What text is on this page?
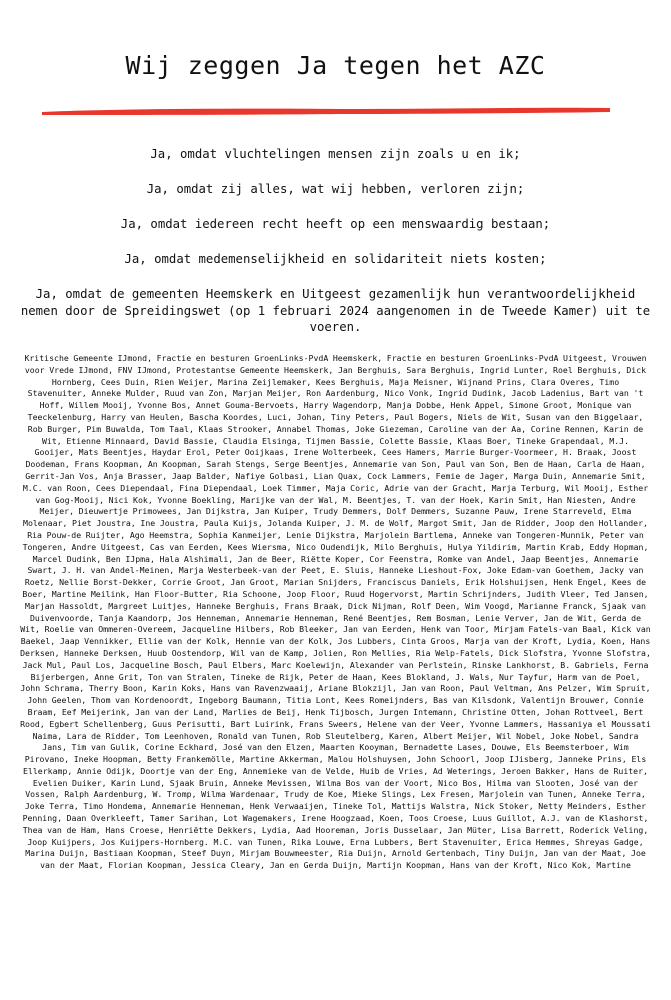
Wij zeggen Ja tegen het AZC
Ja, omdat vluchtelingen mensen zijn zoals u en ik;
Ja, omdat zij alles, wat wij hebben, verloren zijn;
Ja, omdat iedereen recht heeft op een menswaardig bestaan;
Ja, omdat medemenselijkheid en solidariteit niets kosten;
Ja, omdat de gemeenten Heemskerk en Uitgeest gezamenlijk hun verantwoordelijkheid nemen door de Spreidingswet (op 1 februari 2024 aangenomen in de Tweede Kamer) uit te voeren.

Kritische Gemeente IJmond, Fractie en besturen GroenLinks-PvdA Heemskerk, Fractie en besturen GroenLinks-PvdA Uitgeest, Vrouwen voor Vrede IJmond, FNV IJmond, Protestantse Gemeente Heemskerk, Jan Berghuis, Sara Berghuis, Ingrid Lunter, Roel Berghuis, Dick Hornberg, Cees Duin, Rien Weijer, Marina Zeijlemaker, Kees Berghuis, Maja Meisner, Wijnand Prins, Clara Overes, Timo Stavenuiter, Anneke Mulder, Ruud van Zon, Marjan Meijer, Ron Aardenburg, Nico Vonk, Ingrid Dudink, Jacob Ladenius, Bart van 't Hoff, Willem Mooij, Yvonne Bos, Annet Gouma-Bervoets, Harry Wagendorp, Manja Dobbe, Henk Appel, Simone Groot, Monique van Teeckelenburg, Harry van Heulen, Bascha Koordes, Luci, Johan, Tiny Peters, Paul Bogers, Niels de Wit, Susan van den Biggelaar, Rob Burger, Pim Buwalda, Tom Taal, Klaas Strooker, Annabel Thomas, Joke Giezeman, Caroline van der Aa, Corine Rennen, Karin de Wit, Etienne Minnaard, David Bassie, Claudia Elsinga, Tijmen Bassie, Colette Bassie, Klaas Boer, Tineke Grapendaal, M.J. Gooijer, Mats Beentjes, Haydar Erol, Peter Ooijkaas, Irene Wolterbeek, Cees Hamers, Marrie Burger-Voormeer, H. Braak, Joost Doodeman, Frans Koopman, An Koopman, Sarah Stengs, Serge Beentjes, Annemarie van Son, Paul van Son, Ben de Haan, Carla de Haan, Gerrit-Jan Vos, Anja Brasser, Jaap Balder, Nafiye Golbasi, Lian Quax, Cock Lammers, Femie de Jager, Marga Duin, Annemarie Smit, M.C. van Roon, Cees Diependaal, Fina Diependaal, Loek Timmer, Maja Coric, Adrie van der Gracht, Marja Terburg, Wil Mooij, Esther van Gog-Mooij, Nici Kok, Yvonne Boekling, Marijke van der Wal, M. Beentjes, T. van der Hoek, Karin Smit, Han Niesten, Andre Meijer, Dieuwertje Primowees, Jan Dijkstra, Jan Kuiper, Trudy Demmers, Dolf Demmers, Suzanne Pauw, Irene Starreveld, Elma Molenaar, Piet Joustra, Ine Joustra, Paula Kuijs, Jolanda Kuiper, J. M. de Wolf, Margot Smit, Jan de Ridder, Joop den Hollander, Ria Pouw-de Ruijter, Ago Heemstra, Sophia Kanmeijer, Lenie Dijkstra, Marjolein Bartlema, Anneke van Tongeren-Munnik, Peter van Tongeren, Andre Uitgeest, Cas van Eerden, Kees Wiersma, Nico Oudendijk, Milo Berghuis, Hulya Yildirim, Martin Krab, Eddy Hopman, Marcel Dudink, Ben IJpma, Hala Alshimali, Jan de Beer, Riëtte Koper, Cor Feenstra, Romke van Andel, Jaap Beentjes, Annemarie Swart, J. H. van Andel-Meinen, Marja Westerbeek-van der Peet, E. Sluis, Hanneke Lieshout-Fox, Joke Edam-van Goethem, Jacky van Roetz, Nellie Borst-Dekker, Corrie Groot, Jan Groot, Marian Snijders, Franciscus Daniels, Erik Holshuijsen, Henk Engel, Kees de Boer, Martine Meilink, Han Floor-Butter, Ria Schoone, Joop Floor, Ruud Hogervorst, Martin Schrijnders, Judith Vleer, Ted Jansen, Marjan Hassoldt, Margreet Luitjes, Hanneke Berghuis, Frans Braak, Dick Nijman, Rolf Deen, Wim Voogd, Marianne Franck, Sjaak van Duivenvoorde, Tanja Kaandorp, Jos Henneman, Annemarie Henneman, René Beentjes, Rem Bosman, Lenie Verver, Jan de Wit, Gerda de Wit, Roelie van Ommeren-Overeem, Jacqueline Hilbers, Rob Bleeker, Jan van Eerden, Henk van Toor, Mirjam Fatels-van Baal, Kick van Baekel, Jaap Vennikker, Ellie van der Kolk, Hennie van der Kolk, Jos Lubbers, Cinta Groos, Marja van der Kroft, Lydia, Koen, Hans Derksen, Hanneke Derksen, Huub Oostendorp, Wil van de Kamp, Jolien, Ron Mellies, Ria Welp-Fatels, Dick Slofstra, Yvonne Slofstra, Jack Mul, Paul Los, Jacqueline Bosch, Paul Elbers, Marc Koelewijn, Alexander van Perlstein, Rinske Lankhorst, B. Gabriels, Ferna Bijerbergen, Anne Grit, Ton van Stralen, Tineke de Rijk, Peter de Haan, Kees Blokland, J. Wals, Nur Tayfur, Harm van de Poel, John Schrama, Therry Boon, Karin Koks, Hans van Ravenzwaaij, Ariane Blokzijl, Jan van Roon, Paul Veltman, Ans Pelzer, Wim Spruit, John Geelen, Thom van Kordenoordt, Ingeborg Baumann, Titia Lont, Kees Romeijnders, Bas van Kilsdonk, Valentijn Brouwer, Connie Braam, Eef Meijerink, Jan van der Land, Marlies de Beij, Henk Tijbosch, Jurgen Intemann, Christine Otten, Johan Rottveel, Bert Rood, Egbert Schellenberg, Guus Perisutti, Bart Luirink, Frans Sweers, Helene van der Veer, Yvonne Lammers, Hassaniya el Moussati Naima, Lara de Ridder, Tom Leenhoven, Ronald van Tunen, Rob Sleutelberg, Karen, Albert Meijer, Wil Nobel, Joke Nobel, Sandra Jans, Tim van Gulik, Corine Eckhard, José van den Elzen, Maarten Kooyman, Bernadette Lases, Douwe, Els Beemsterboer, Wim Pirovano, Ineke Hoopman, Betty Frankemölle, Martine Akkerman, Malou Holshuysen, John Schoorl, Joop IJisberg, Janneke Prins, Els Ellerkamp, Annie Odijk, Doortje van der Eng, Annemieke van de Velde, Huib de Vries, Ad Weterings, Jeroen Bakker, Hans de Ruiter, Evelien Duiker, Karin Lund, Sjaak Bruin, Anneke Mevissen, Wilma Bos van der Voort, Nico Bos, Hilma van Slooten, José van der Vossen, Ralph Aardenburg, W. Tromp, Wilma Wardenaar, Trudy de Koe, Mieke Slings, Lex Fresen, Marjolein van Tunen, Anneke Terra, Joke Terra, Timo Hondema, Annemarie Henneman, Henk Verwaaijen, Tineke Tol, Mattijs Walstra, Nick Stoker, Netty Meinders, Esther Penning, Daan Overkleeft, Tamer Sarihan, Lot Wagemakers, Irene Hoogzaad, Koen, Toos Croese, Luus Guillot, A.J. van de Klashorst, Thea van de Ham, Hans Croese, Henriëtte Dekkers, Lydia, Aad Hooreman, Joris Dusselaar, Jan Müter, Lisa Barrett, Roderick Veling, Joop Kuijpers, Jos Kuijpers-Hornberg. M.C. van Tunen, Rika Louwe, Erna Lubbers, Bert Stavenuiter, Erica Hemmes, Shreyas Gadge, Marina Duijn, Bastiaan Koopman, Steef Duyn, Mirjam Bouwmeester, Ria Duijn, Arnold Gertenbach, Tiny Duijn, Jan van der Maat, Joe van der Maat, Florian Koopman, Jessica Cleary, Jan en Gerda Duijn, Martijn Koopman, Hans van der Kroft, Nico Kok, Martine
